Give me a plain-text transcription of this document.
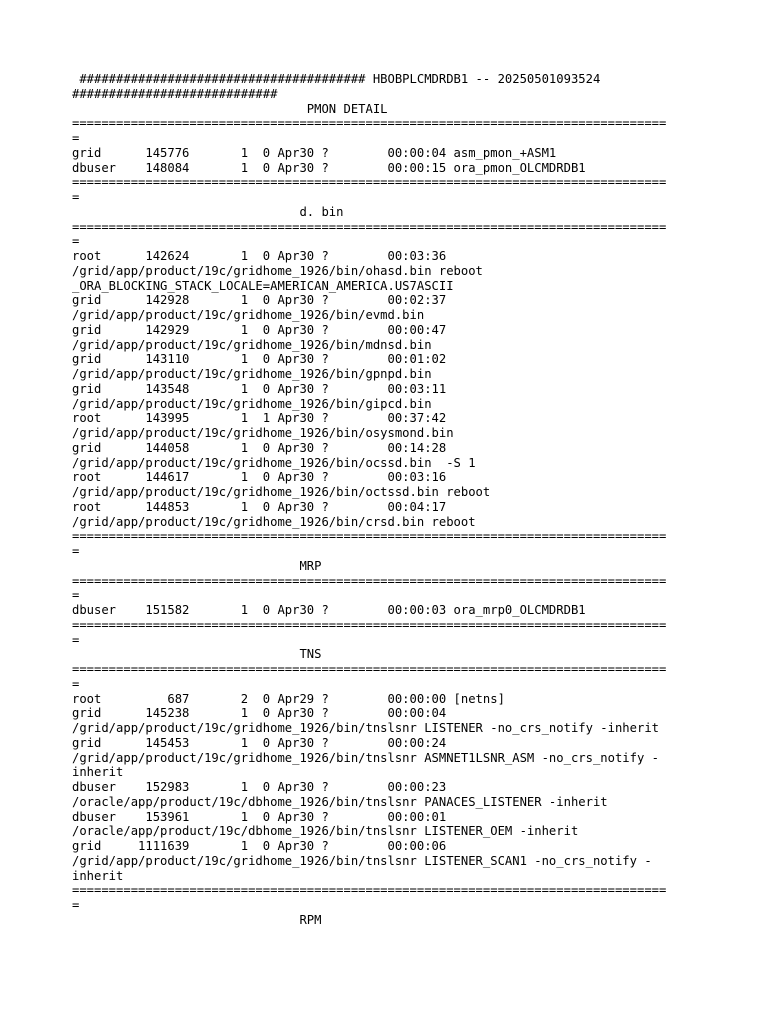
####################################### HBOBPLCMDRDB1 -- 20250501093524
############################
PMON DETAIL
=================================================================================
=
grid      145776       1  0 Apr30 ?        00:00:04 asm_pmon_+ASM1
dbuser    148084       1  0 Apr30 ?        00:00:15 ora_pmon_OLCMDRDB1
=================================================================================
=
d. bin
=================================================================================
=
root      142624       1  0 Apr30 ?        00:03:36
/grid/app/product/19c/gridhome_1926/bin/ohasd.bin reboot
_ORA_BLOCKING_STACK_LOCALE=AMERICAN_AMERICA.US7ASCII
grid      142928       1  0 Apr30 ?        00:02:37
/grid/app/product/19c/gridhome_1926/bin/evmd.bin
grid      142929       1  0 Apr30 ?        00:00:47
/grid/app/product/19c/gridhome_1926/bin/mdnsd.bin
grid      143110       1  0 Apr30 ?        00:01:02
/grid/app/product/19c/gridhome_1926/bin/gpnpd.bin
grid      143548       1  0 Apr30 ?        00:03:11
/grid/app/product/19c/gridhome_1926/bin/gipcd.bin
root      143995       1  1 Apr30 ?        00:37:42
/grid/app/product/19c/gridhome_1926/bin/osysmond.bin
grid      144058       1  0 Apr30 ?        00:14:28
/grid/app/product/19c/gridhome_1926/bin/ocssd.bin  -S 1
root      144617       1  0 Apr30 ?        00:03:16
/grid/app/product/19c/gridhome_1926/bin/octssd.bin reboot
root      144853       1  0 Apr30 ?        00:04:17
/grid/app/product/19c/gridhome_1926/bin/crsd.bin reboot
=================================================================================
=
MRP
=================================================================================
=
dbuser    151582       1  0 Apr30 ?        00:00:03 ora_mrp0_OLCMDRDB1
=================================================================================
=
TNS
=================================================================================
=
root         687       2  0 Apr29 ?        00:00:00 [netns]
grid      145238       1  0 Apr30 ?        00:00:04
/grid/app/product/19c/gridhome_1926/bin/tnslsnr LISTENER -no_crs_notify -inherit
grid      145453       1  0 Apr30 ?        00:00:24
/grid/app/product/19c/gridhome_1926/bin/tnslsnr ASMNET1LSNR_ASM -no_crs_notify -
inherit
dbuser    152983       1  0 Apr30 ?        00:00:23
/oracle/app/product/19c/dbhome_1926/bin/tnslsnr PANACES_LISTENER -inherit
dbuser    153961       1  0 Apr30 ?        00:00:01
/oracle/app/product/19c/dbhome_1926/bin/tnslsnr LISTENER_OEM -inherit
grid     1111639       1  0 Apr30 ?        00:00:06
/grid/app/product/19c/gridhome_1926/bin/tnslsnr LISTENER_SCAN1 -no_crs_notify -
inherit
=================================================================================
=
RPM
